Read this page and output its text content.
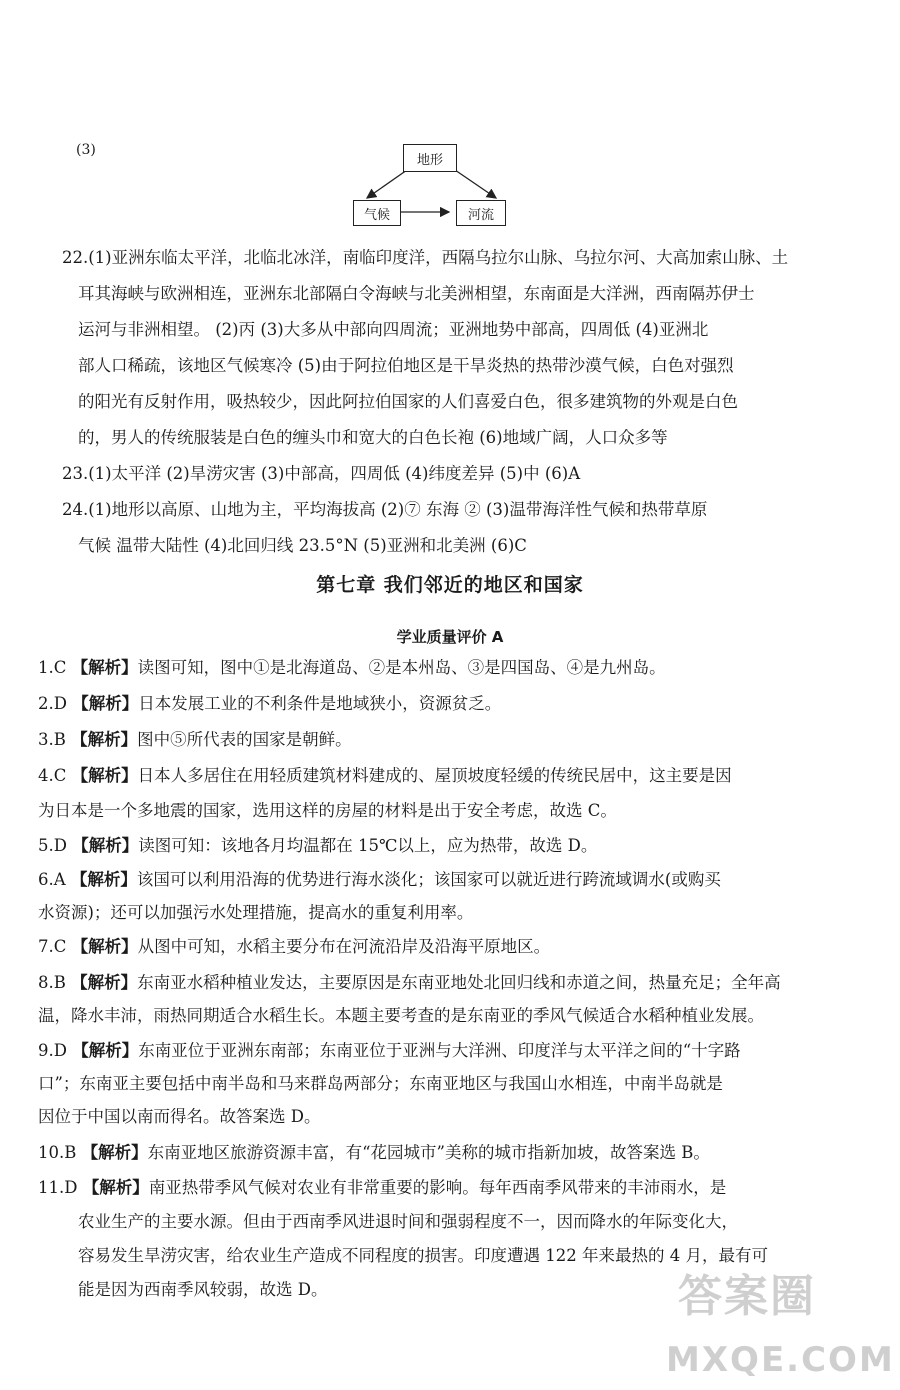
(3)
地形
气候	河流
22.(1)亚洲东临太平洋，北临北冰洋，南临印度洋，西隔乌拉尔山脉、乌拉尔河、大高加索山脉、土
耳其海峡与欧洲相连，亚洲东北部隔白令海峡与北美洲相望，东南面是大洋洲，西南隔苏伊士
运河与非洲相望。 (2)丙 (3)大多从中部向四周流；亚洲地势中部高，四周低 (4)亚洲北
部人口稀疏，该地区气候寒冷 (5)由于阿拉伯地区是干旱炎热的热带沙漠气候，白色对强烈
的阳光有反射作用，吸热较少，因此阿拉伯国家的人们喜爱白色，很多建筑物的外观是白色
的，男人的传统服装是白色的缠头巾和宽大的白色长袍 (6)地域广阔，人口众多等
23.(1)太平洋 (2)旱涝灾害 (3)中部高，四周低 (4)纬度差异 (5)中 (6)A
24.(1)地形以高原、山地为主，平均海拔高 (2)⑦ 东海 ② (3)温带海洋性气候和热带草原
气候 温带大陆性 (4)北回归线 23.5°N (5)亚洲和北美洲 (6)C
第七章 我们邻近的地区和国家
学业质量评价 A
1.C 【解析】读图可知，图中①是北海道岛、②是本州岛、③是四国岛、④是九州岛。
2.D 【解析】日本发展工业的不利条件是地域狭小，资源贫乏。
3.B 【解析】图中⑤所代表的国家是朝鲜。
4.C 【解析】日本人多居住在用轻质建筑材料建成的、屋顶坡度轻缓的传统民居中，这主要是因
为日本是一个多地震的国家，选用这样的房屋的材料是出于安全考虑，故选 C。
5.D 【解析】读图可知：该地各月均温都在 15℃以上，应为热带，故选 D。
6.A 【解析】该国可以利用沿海的优势进行海水淡化；该国家可以就近进行跨流域调水(或购买
水资源)；还可以加强污水处理措施，提高水的重复利用率。
7.C 【解析】从图中可知，水稻主要分布在河流沿岸及沿海平原地区。
8.B 【解析】东南亚水稻种植业发达，主要原因是东南亚地处北回归线和赤道之间，热量充足；全年高
温，降水丰沛，雨热同期适合水稻生长。本题主要考查的是东南亚的季风气候适合水稻种植业发展。
9.D 【解析】东南亚位于亚洲东南部；东南亚位于亚洲与大洋洲、印度洋与太平洋之间的“十字路
口”；东南亚主要包括中南半岛和马来群岛两部分；东南亚地区与我国山水相连，中南半岛就是
因位于中国以南而得名。故答案选 D。
10.B 【解析】东南亚地区旅游资源丰富，有“花园城市”美称的城市指新加坡，故答案选 B。
11.D 【解析】南亚热带季风气候对农业有非常重要的影响。每年西南季风带来的丰沛雨水，是
农业生产的主要水源。但由于西南季风进退时间和强弱程度不一，因而降水的年际变化大，
容易发生旱涝灾害，给农业生产造成不同程度的损害。印度遭遇 122 年来最热的 4 月，最有可
能是因为西南季风较弱，故选 D。	答案圈
MXQE.COM
